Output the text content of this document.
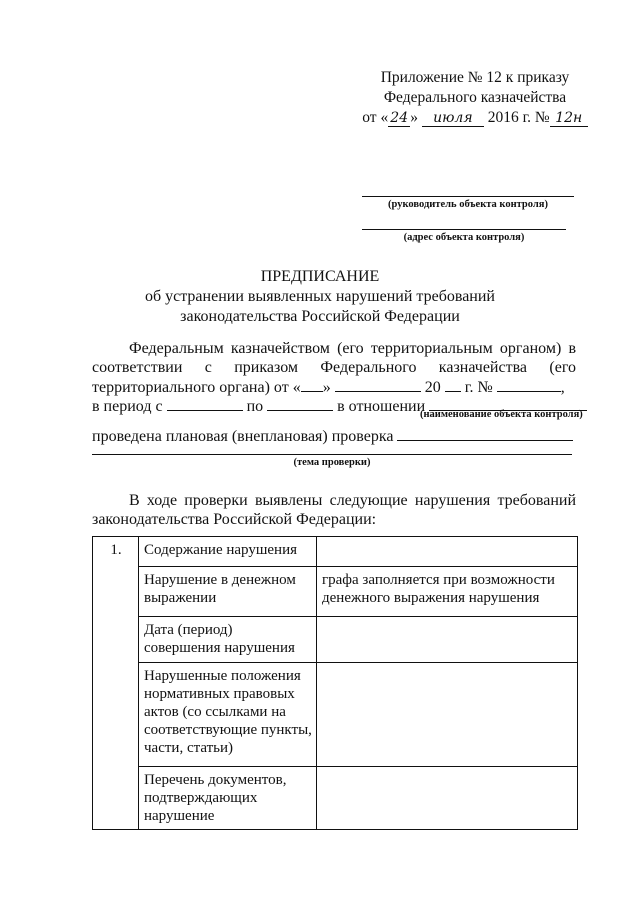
Приложение № 12 к приказу
Федерального казначейства
от « 24 » июля 2016 г. № 12н
(руководитель объекта контроля)
(адрес объекта контроля)
ПРЕДПИСАНИЕ
об устранении выявленных нарушений требований
законодательства Российской Федерации
Федеральным казначейством (его территориальным органом) в
соответствии с приказом Федерального казначейства (его
территориального органа) от « »	20 г. №	,
в период с	по	в отношении
(наименование объекта контроля)
проведена плановая (внеплановая) проверка
(тема проверки)
В ходе проверки выявлены следующие нарушения требований
законодательства Российской Федерации:
1.	Содержание нарушения	
	Нарушение в денежном выражении	графа заполняется при возможности денежного выражения нарушения
	Дата (период) совершения нарушения	
	Нарушенные положения нормативных правовых актов (со ссылками на соответствующие пункты, части, статьи)	
	Перечень документов, подтверждающих нарушение	
